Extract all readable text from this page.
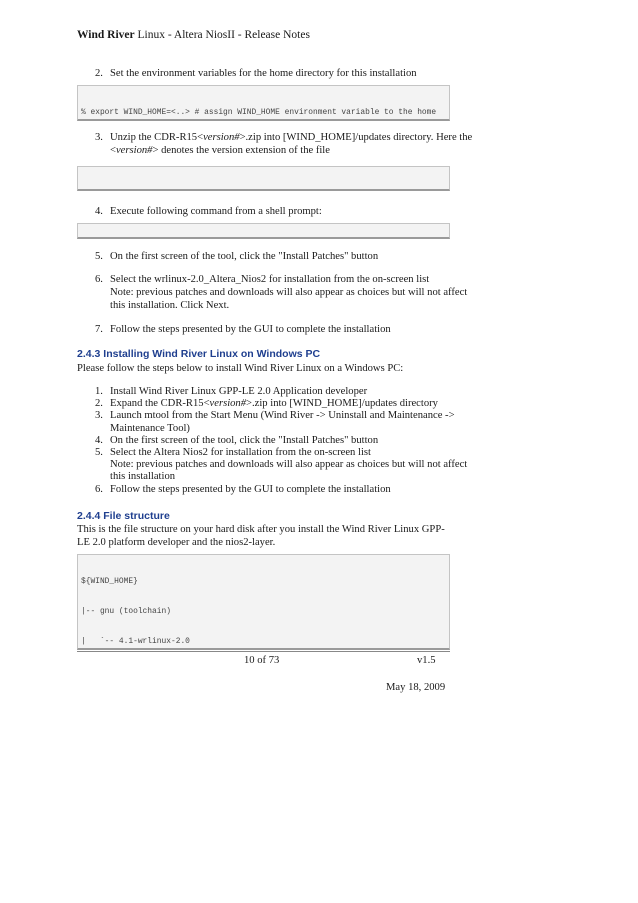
Wind River Linux - Altera NiosII - Release Notes
2. Set the environment variables for the home directory for this installation

% export WIND_HOME=<..> # assign WIND_HOME environment variable to the home

3. Unzip the CDR-R15<version#>.zip into [WIND_HOME]/updates directory. Here the <version#> denotes the version extension of the file

4. Execute following command from a shell prompt:

5. On the first screen of the tool, click the "Install Patches" button
6. Select the wrlinux-2.0_Altera_Nios2 for installation from the on-screen list
Note: previous patches and downloads will also appear as choices but will not affect this installation. Click Next.
7. Follow the steps presented by the GUI to complete the installation
2.4.3 Installing Wind River Linux on Windows PC
Please follow the steps below to install Wind River Linux on a Windows PC:
1. Install Wind River Linux GPP-LE 2.0 Application developer
2. Expand the CDR-R15<version#>.zip into [WIND_HOME]/updates directory
3. Launch mtool from the Start Menu (Wind River -> Uninstall and Maintenance -> Maintenance Tool)
4. On the first screen of the tool, click the "Install Patches" button
5. Select the Altera Nios2 for installation from the on-screen list
Note: previous patches and downloads will also appear as choices but will not affect this installation
6. Follow the steps presented by the GUI to complete the installation
2.4.4 File structure
This is the file structure on your hard disk after you install the Wind River Linux GPP-LE 2.0 platform developer and the nios2-layer.

${WIND_HOME}

|-- gnu (toolchain)

|   `-- 4.1-wrlinux-2.0

10 of 73	v1.5
May 18, 2009
